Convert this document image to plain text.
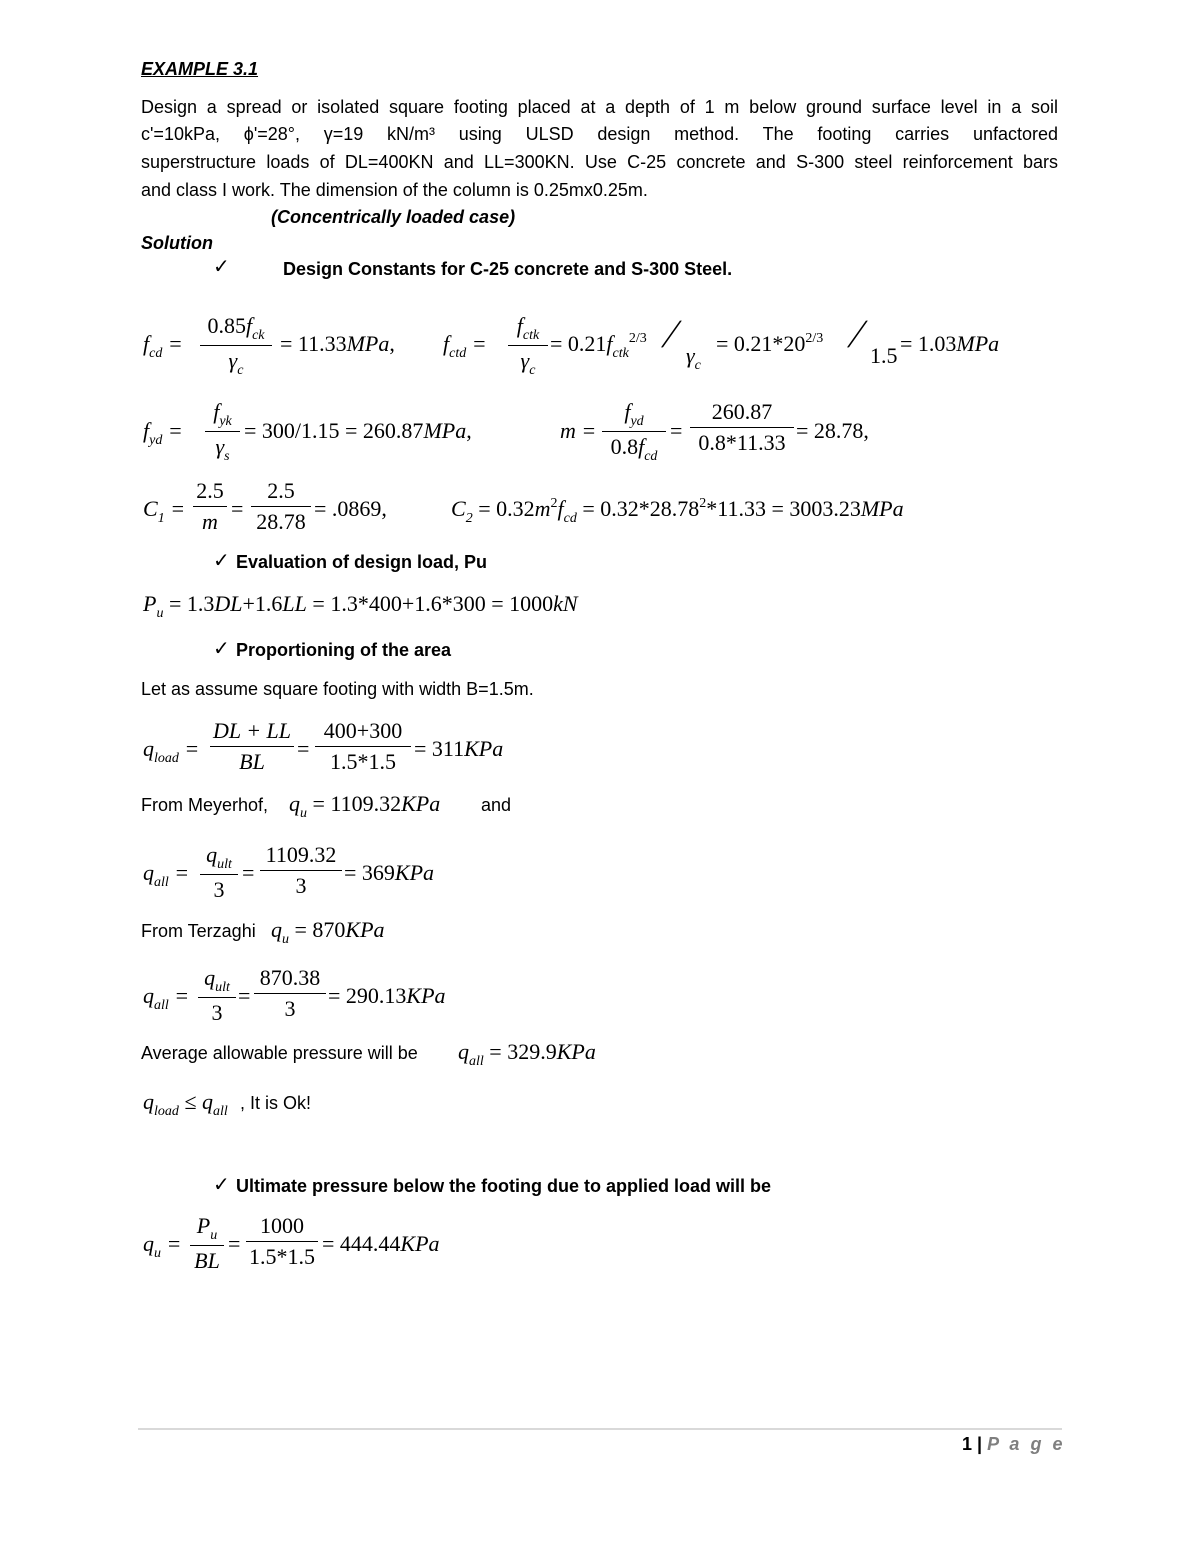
EXAMPLE 3.1
Design a spread or isolated square footing placed at a depth of 1 m below ground surface level in a soil
c'=10kPa, ϕ'=28°, γ=19 kN/m³ using ULSD design method. The footing carries unfactored
superstructure loads of DL=400KN and LL=300KN. Use C-25 concrete and S-300 steel reinforcement bars
and class I work. The dimension of the column is 0.25mx0.25m.
(Concentrically loaded case)
Solution
✓	Design Constants for C-25 concrete and S-300 Steel.
$f_{cd}$ =
$0.85f_{ck}$
$\gamma_c$
= 11.33MPa, $f_{ctd}$ =
$f_{ctk}$
$\gamma_c$
= $0.21f_{ctk}^{2/3} / \gamma_c$
= $0.21*20^{2/3}$ /
1.5 = 1.03MPa
$f_{yd}$ =
$f_{yk}$
$\gamma_s$
= 300/1.15 = 260.87MPa,	m =
$f_{yd}$
$0.8f_{cd}$
=
260.87
0.8*11.33 = 28.78,
$C_1$ =
2.5
m
=
2.5
28.78
= .0869,	$C_2 = 0.32m^2f_{cd} = 0.32*28.78^2*11.33 = 3003.23MPa$
✓ Evaluation of design load, Pu
$P_u = 1.3DL+1.6LL = 1.3*400+1.6*300 = 1000kN$
✓ Proportioning of the area
Let as assume square footing with width B=1.5m.
$q_{load}$ =
DL + LL
BL
=
400+300
1.5*1.5
= 311KPa
From Meyerhof, $q_u = 1109.32KPa$ and
$q_{all}$ =
$q_{ult}$
3
=
1109.32
3
= 369KPa
From Terzaghi $q_u = 870KPa$
$q_{all}$ =
$q_{ult}$
3
=
870.38
3
= 290.13KPa
Average allowable pressure will be $q_{all} = 329.9KPa$
$q_{load} \le q_{all}$ , It is Ok!
✓ Ultimate pressure below the footing due to applied load will be
$q_u$ =
$P_u$
BL
=
1000
1.5*1.5
= 444.44KPa
1 | P a g e
